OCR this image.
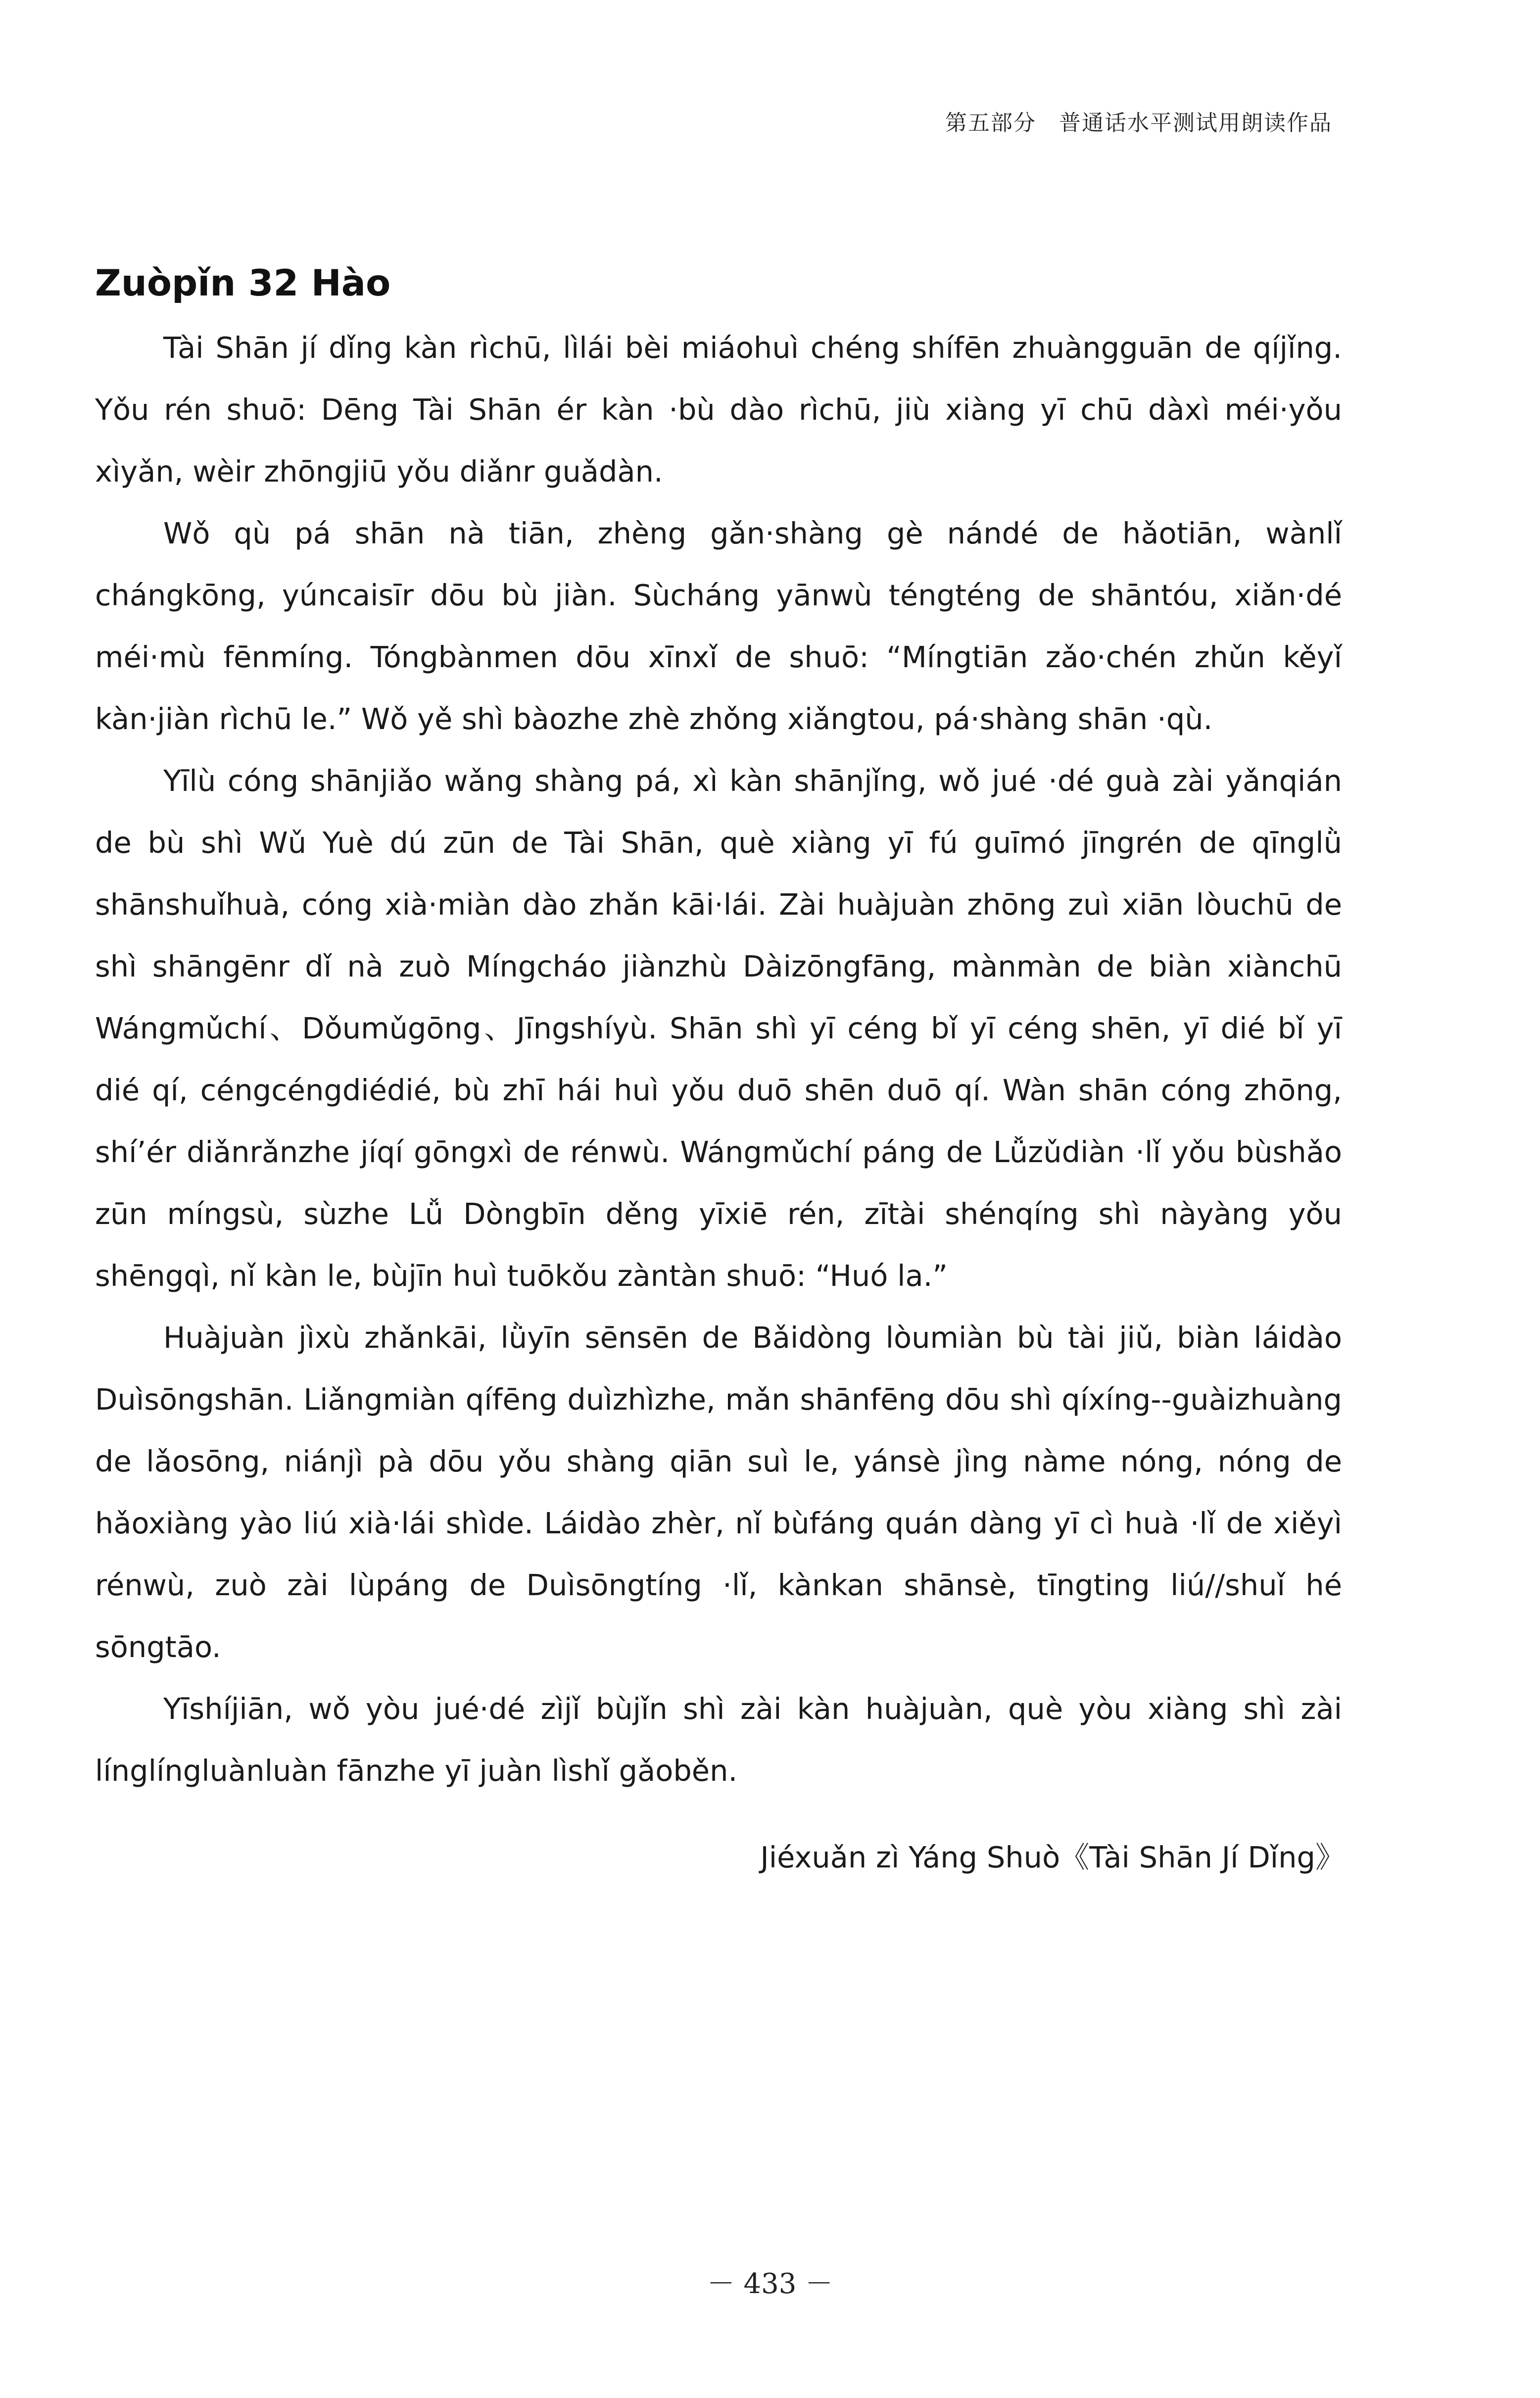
第五部分　普通话水平测试用朗读作品
Zuòpǐn 32 Hào

Tài Shān jí dǐng kàn rìchū, lìlái bèi miáohuì chéng shífēn zhuàngguān de qíjǐng. Yǒu rén shuō: Dēng Tài Shān ér kàn ·bù dào rìchū, jiù xiàng yī chū dàxì méi·yǒu xìyǎn, wèir zhōngjiū yǒu diǎnr guǎdàn.

Wǒ qù pá shān nà tiān, zhèng gǎn·shàng gè nándé de hǎotiān, wànlǐ chángkōng, yúncaisīr dōu bù jiàn. Sùcháng yānwù téngténg de shāntóu, xiǎn·dé méi·mù fēnmíng. Tóngbànmen dōu xīnxǐ de shuō: “Míngtiān zǎo·chén zhǔn kěyǐ kàn·jiàn rìchū le.” Wǒ yě shì bàozhe zhè zhǒng xiǎngtou, pá·shàng shān ·qù.

Yīlù cóng shānjiǎo wǎng shàng pá, xì kàn shānjǐng, wǒ jué ·dé guà zài yǎnqián de bù shì Wǔ Yuè dú zūn de Tài Shān, què xiàng yī fú guīmó jīngrén de qīnglǜ shānshuǐhuà, cóng xià·miàn dào zhǎn kāi·lái. Zài huàjuàn zhōng zuì xiān lòuchū de shì shāngēnr dǐ nà zuò Míngcháo jiànzhù Dàizōngfāng, mànmàn de biàn xiànchū Wángmǔchí、Dǒumǔgōng、Jīngshíyù. Shān shì yī céng bǐ yī céng shēn, yī dié bǐ yī dié qí, céngcéngdiédié, bù zhī hái huì yǒu duō shēn duō qí. Wàn shān cóng zhōng, shí’ér diǎnrǎnzhe jíqí gōngxì de rénwù. Wángmǔchí páng de Lǚzǔdiàn ·lǐ yǒu bùshǎo zūn míngsù, sùzhe Lǚ Dòngbīn děng yīxiē rén, zītài shénqíng shì nàyàng yǒu shēngqì, nǐ kàn le, bùjīn huì tuōkǒu zàntàn shuō: “Huó la.”

Huàjuàn jìxù zhǎnkāi, lǜyīn sēnsēn de Bǎidòng lòumiàn bù tài jiǔ, biàn láidào Duìsōngshān. Liǎngmiàn qífēng duìzhìzhe, mǎn shānfēng dōu shì qíxíng--guàizhuàng de lǎosōng, niánjì pà dōu yǒu shàng qiān suì le, yánsè jìng nàme nóng, nóng de hǎoxiàng yào liú xià·lái shìde. Láidào zhèr, nǐ bùfáng quán dàng yī cì huà ·lǐ de xiěyì rénwù, zuò zài lùpáng de Duìsōngtíng ·lǐ, kànkan shānsè, tīngting liú//shuǐ hé sōngtāo.

Yīshíjiān, wǒ yòu jué·dé zìjǐ bùjǐn shì zài kàn huàjuàn, què yòu xiàng shì zài línglíngluànluàn fānzhe yī juàn lìshǐ gǎoběn.

Jiéxuǎn zì Yáng Shuò《Tài Shān Jí Dǐng》
－ 433 －
